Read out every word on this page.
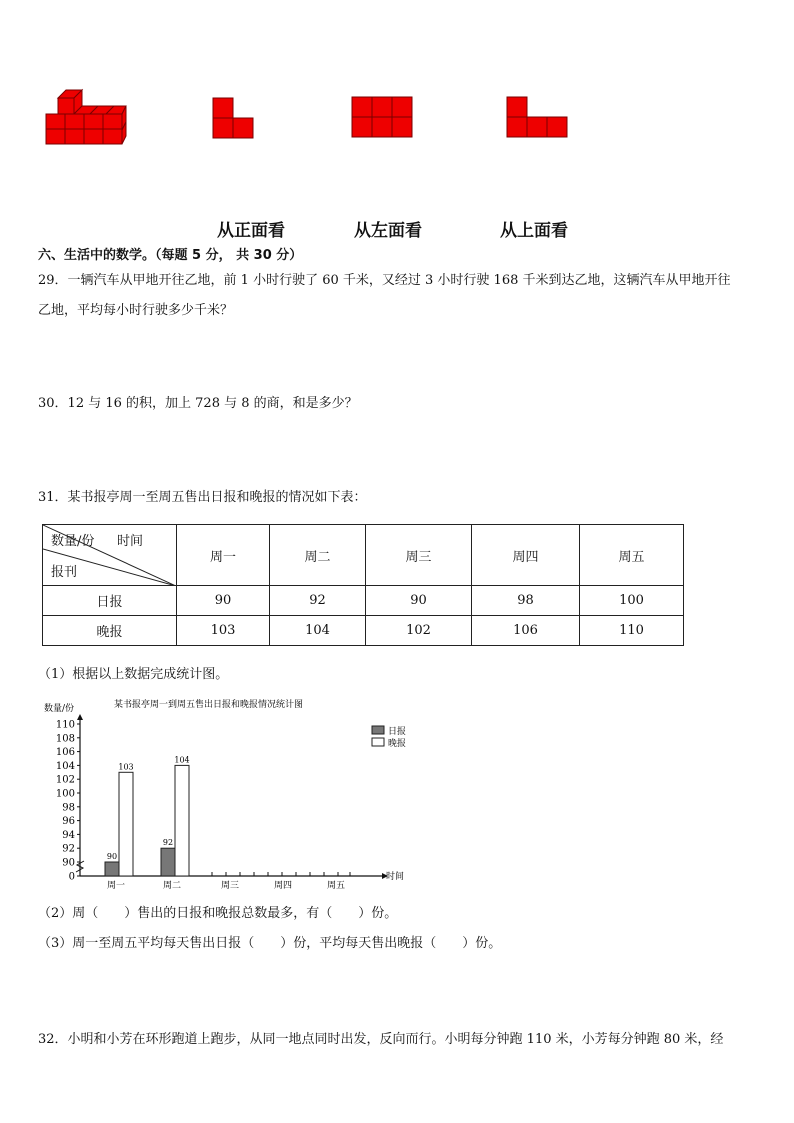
从正面看	从左面看	从上面看
六、生活中的数学。（每题 5 分， 共 30 分）
29．一辆汽车从甲地开往乙地，前 1 小时行驶了 60 千米，又经过 3 小时行驶 168 千米到达乙地，这辆汽车从甲地开往
乙地，平均每小时行驶多少千米？
30．12 与 16 的积，加上 728 与 8 的商，和是多少？
31．某书报亭周一至周五售出日报和晚报的情况如下表：
数量/份 时间
报刊	周一	周二	周三	周四	周五
日报	90	92	90	98	100
晚报	103	104	102	106	110
（1）根据以上数据完成统计图。
某书报亭周一到周五售出日报和晚报情况统计图
数量/份
时间
0
90
92
94
96
98
100
102
104
106
108
110
周一	周二	周三	周四	周五
90
92
103
104
日报
晚报
（2）周（　　）售出的日报和晚报总数最多，有（　　）份。
（3）周一至周五平均每天售出日报（　　）份，平均每天售出晚报（　　）份。
32．小明和小芳在环形跑道上跑步，从同一地点同时出发，反向而行。小明每分钟跑 110 米，小芳每分钟跑 80 米，经
